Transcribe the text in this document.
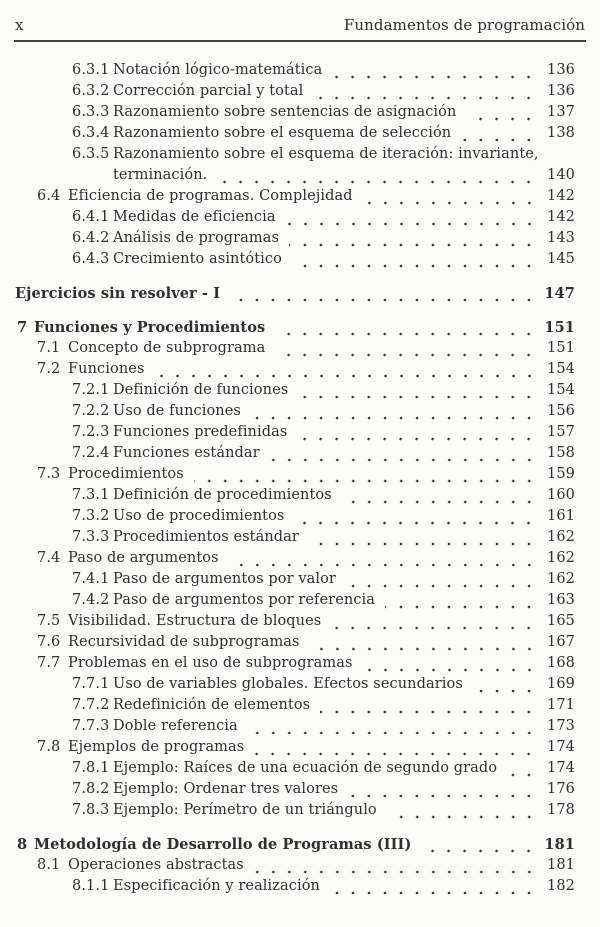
x	Fundamentos de programación
6.3.1 Notación lógico-matemática	136
6.3.2 Corrección parcial y total	136
6.3.3 Razonamiento sobre sentencias de asignación	137
6.3.4 Razonamiento sobre el esquema de selección	138
6.3.5 Razonamiento sobre el esquema de iteración: invariante,
terminación.	140
6.4 Eficiencia de programas. Complejidad	142
6.4.1 Medidas de eficiencia	142
6.4.2 Análisis de programas	143
6.4.3 Crecimiento asintótico	145
Ejercicios sin resolver - I	147
7 Funciones y Procedimientos	151
7.1 Concepto de subprograma	151
7.2 Funciones	154
7.2.1 Definición de funciones	154
7.2.2 Uso de funciones	156
7.2.3 Funciones predefinidas	157
7.2.4 Funciones estándar	158
7.3 Procedimientos	159
7.3.1 Definición de procedimientos	160
7.3.2 Uso de procedimientos	161
7.3.3 Procedimientos estándar	162
7.4 Paso de argumentos	162
7.4.1 Paso de argumentos por valor	162
7.4.2 Paso de argumentos por referencia	163
7.5 Visibilidad. Estructura de bloques	165
7.6 Recursividad de subprogramas	167
7.7 Problemas en el uso de subprogramas	168
7.7.1 Uso de variables globales. Efectos secundarios	169
7.7.2 Redefinición de elementos	171
7.7.3 Doble referencia	173
7.8 Ejemplos de programas	174
7.8.1 Ejemplo: Raíces de una ecuación de segundo grado	174
7.8.2 Ejemplo: Ordenar tres valores	176
7.8.3 Ejemplo: Perímetro de un triángulo	178
8 Metodología de Desarrollo de Programas (III)	181
8.1 Operaciones abstractas	181
8.1.1 Especificación y realización	182
